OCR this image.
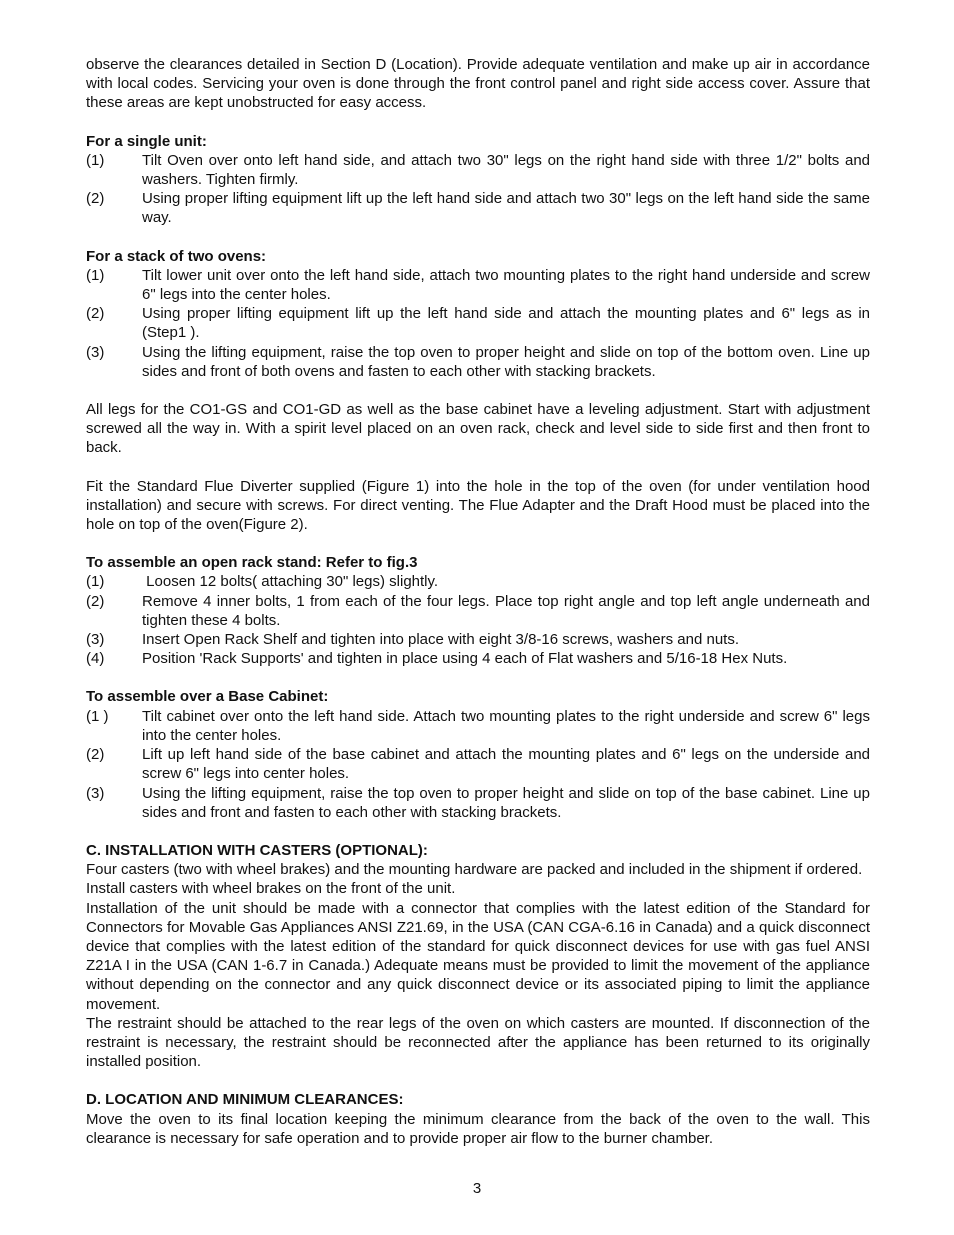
observe the clearances detailed in Section D (Location). Provide adequate ventilation and make up air in accordance with local codes. Servicing your oven is done through the front control panel and right side access cover. Assure that these areas are kept unobstructed for easy access.

For a single unit:

(1)	Tilt Oven over onto left hand side, and attach two 30" legs on the right hand side with three 1/2" bolts and washers. Tighten firmly.
(2)	Using proper lifting equipment lift up the left hand side and attach two 30" legs on the left hand side the same way.

For a stack of two ovens:

(1)	Tilt lower unit over onto the left hand side, attach two mounting plates to the right hand underside and screw 6" legs into the center holes.
(2)	Using proper lifting equipment lift up the left hand side and attach the mounting plates and 6" legs as in (Step1 ).
(3)	Using the lifting equipment, raise the top oven to proper height and slide on top of the bottom oven. Line up sides and front of both ovens and fasten to each other with stacking brackets.

All legs for the CO1-GS and CO1-GD as well as the base cabinet have a leveling adjustment. Start with adjustment screwed all the way in. With a spirit level placed on an oven rack, check and level side to side first and then front to back.

Fit the Standard Flue Diverter supplied (Figure 1) into the hole in the top of the oven (for under ventilation hood installation) and secure with screws. For direct venting. The Flue Adapter and the Draft Hood must be placed into the hole on top of the oven(Figure 2).

To assemble an open rack stand: Refer to fig.3

(1)	Loosen 12 bolts( attaching 30" legs) slightly.
(2)	Remove 4 inner bolts, 1 from each of the four legs. Place top right angle and top left angle underneath and tighten these 4 bolts.
(3)	Insert Open Rack Shelf and tighten into place with eight 3/8-16 screws, washers and nuts.
(4)	Position 'Rack Supports' and tighten in place using 4 each of Flat washers and 5/16-18 Hex Nuts.

To assemble over a Base Cabinet:

(1 )	Tilt cabinet over onto the left hand side. Attach two mounting plates to the right underside and screw 6" legs into the center holes.
(2)	Lift up left hand side of the base cabinet and attach the mounting plates and 6" legs on the underside and screw 6" legs into center holes.
(3)	Using the lifting equipment, raise the top oven to proper height and slide on top of the base cabinet. Line up sides and front and fasten to each other with stacking brackets.

C. INSTALLATION WITH CASTERS (OPTIONAL):

Four casters (two with wheel brakes) and the mounting hardware are packed and included in the shipment if ordered.

Install casters with wheel brakes on the front of the unit.

Installation of the unit should be made with a connector that complies with the latest edition of the Standard for Connectors for Movable Gas Appliances ANSI Z21.69, in the USA (CAN CGA-6.16 in Canada) and a quick disconnect device that complies with the latest edition of the standard for quick disconnect devices for use with gas fuel ANSI Z21A I in the USA (CAN 1-6.7 in Canada.) Adequate means must be provided to limit the movement of the appliance without depending on the connector and any quick disconnect device or its associated piping to limit the appliance movement.

The restraint should be attached to the rear legs of the oven on which casters are mounted. If disconnection of the restraint is necessary, the restraint should be reconnected after the appliance has been returned to its originally installed position.

D. LOCATION AND MINIMUM CLEARANCES:

Move the oven to its final location keeping the minimum clearance from the back of the oven to the wall. This clearance is necessary for safe operation and to provide proper air flow to the burner chamber.

3
